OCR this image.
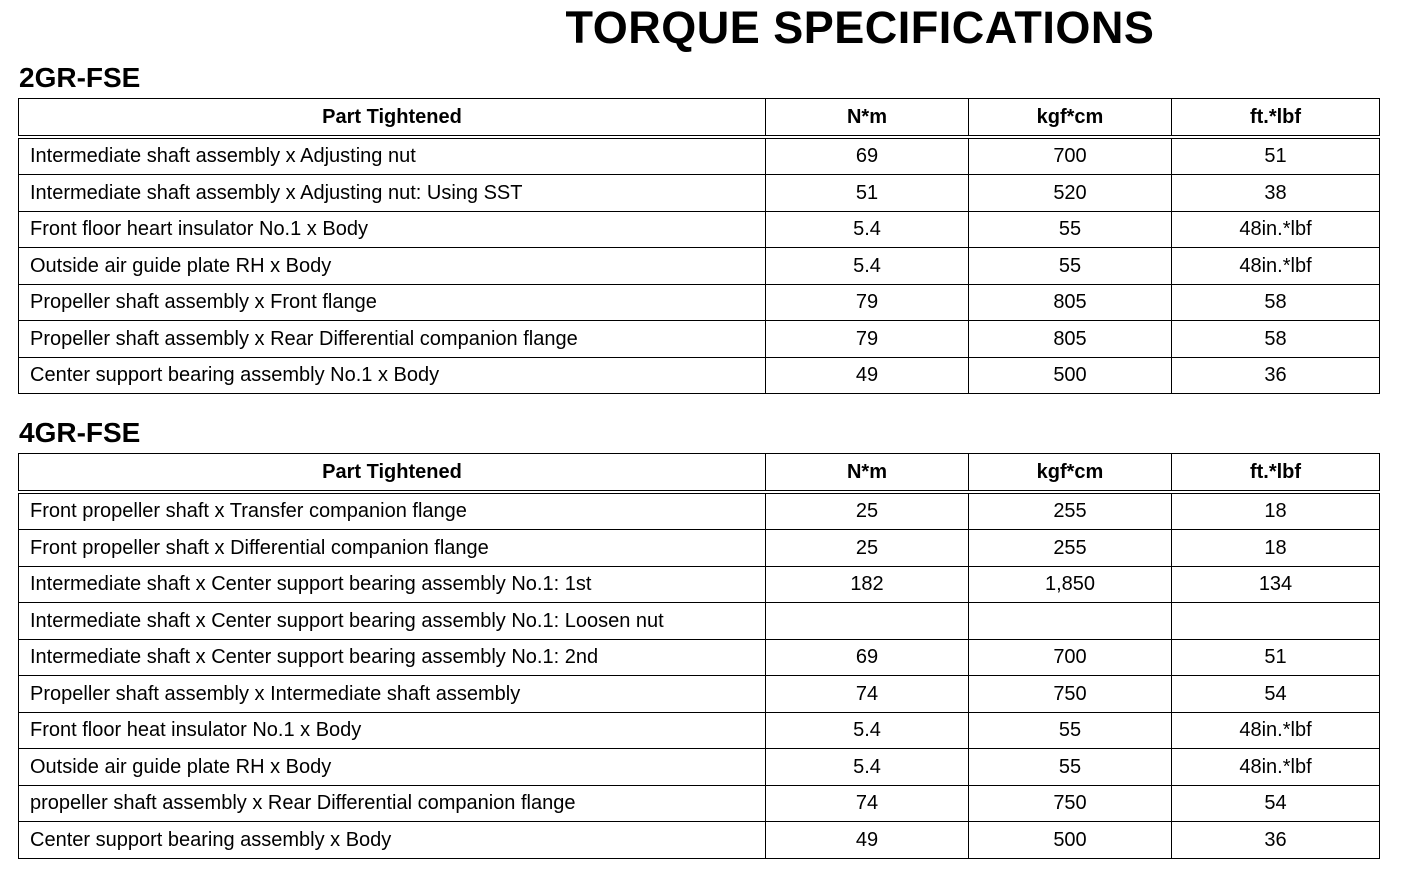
TORQUE SPECIFICATIONS
2GR-FSE
Part Tightened	N*m	kgf*cm	ft.*lbf
Intermediate shaft assembly x Adjusting nut	69	700	51
Intermediate shaft assembly x Adjusting nut: Using SST	51	520	38
Front floor heart insulator No.1 x Body	5.4	55	48in.*lbf
Outside air guide plate RH x Body	5.4	55	48in.*lbf
Propeller shaft assembly x Front flange	79	805	58
Propeller shaft assembly x Rear Differential companion flange	79	805	58
Center support bearing assembly No.1 x Body	49	500	36
4GR-FSE
Part Tightened	N*m	kgf*cm	ft.*lbf
Front propeller shaft x Transfer companion flange	25	255	18
Front propeller shaft x Differential companion flange	25	255	18
Intermediate shaft x Center support bearing assembly No.1: 1st	182	1,850	134
Intermediate shaft x Center support bearing assembly No.1: Loosen nut			
Intermediate shaft x Center support bearing assembly No.1: 2nd	69	700	51
Propeller shaft assembly x Intermediate shaft assembly	74	750	54
Front floor heat insulator No.1 x Body	5.4	55	48in.*lbf
Outside air guide plate RH x Body	5.4	55	48in.*lbf
propeller shaft assembly x Rear Differential companion flange	74	750	54
Center support bearing assembly x Body	49	500	36
